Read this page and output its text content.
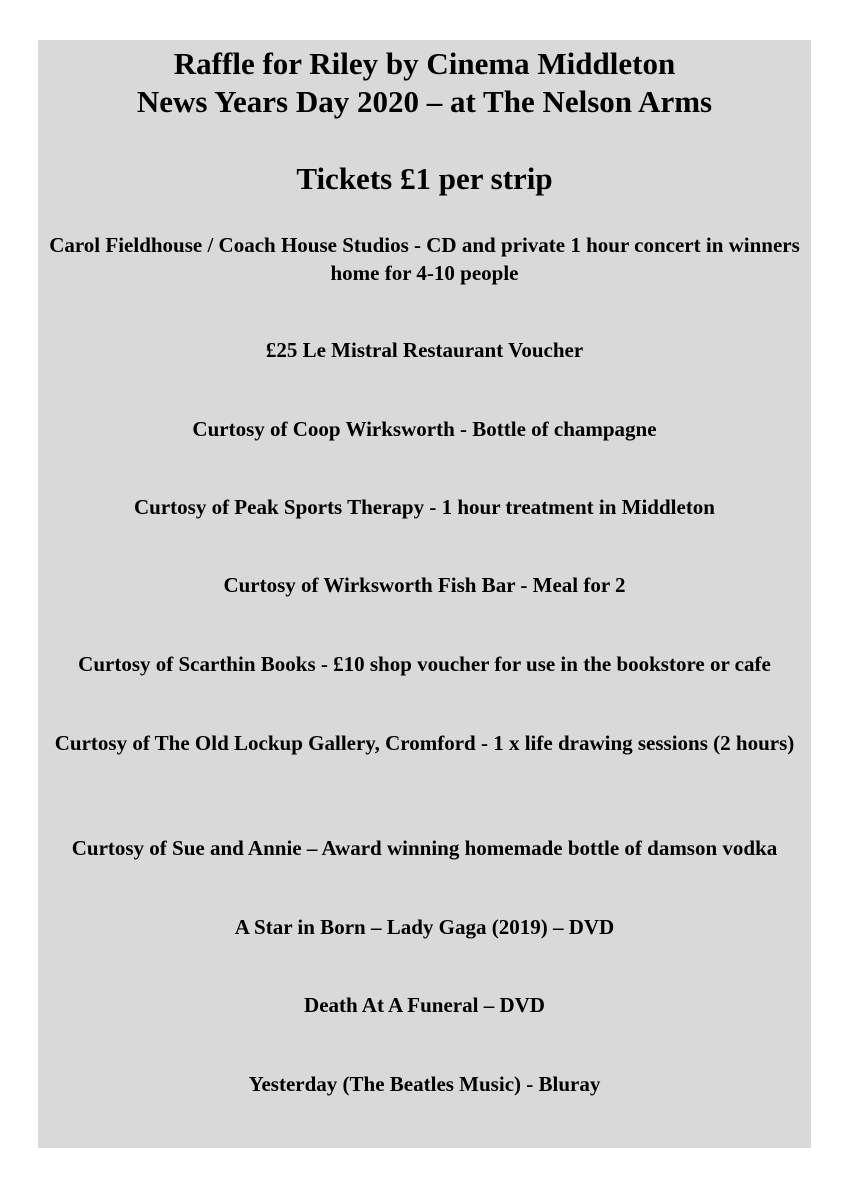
Raffle for Riley by Cinema Middleton
News Years Day 2020 – at The Nelson Arms
Tickets £1 per strip
Carol Fieldhouse / Coach House Studios - CD and private 1 hour concert in winners home for 4-10 people
£25 Le Mistral Restaurant Voucher
Curtosy of Coop Wirksworth - Bottle of champagne
Curtosy of Peak Sports Therapy - 1 hour treatment in Middleton
Curtosy of Wirksworth Fish Bar - Meal for 2
Curtosy of Scarthin Books - £10 shop voucher for use in the bookstore or cafe
Curtosy of The Old Lockup Gallery, Cromford - 1 x life drawing sessions (2 hours)
Curtosy of Sue and Annie – Award winning homemade bottle of damson vodka
A Star in Born – Lady Gaga (2019) – DVD
Death At A Funeral – DVD
Yesterday (The Beatles Music) - Bluray
